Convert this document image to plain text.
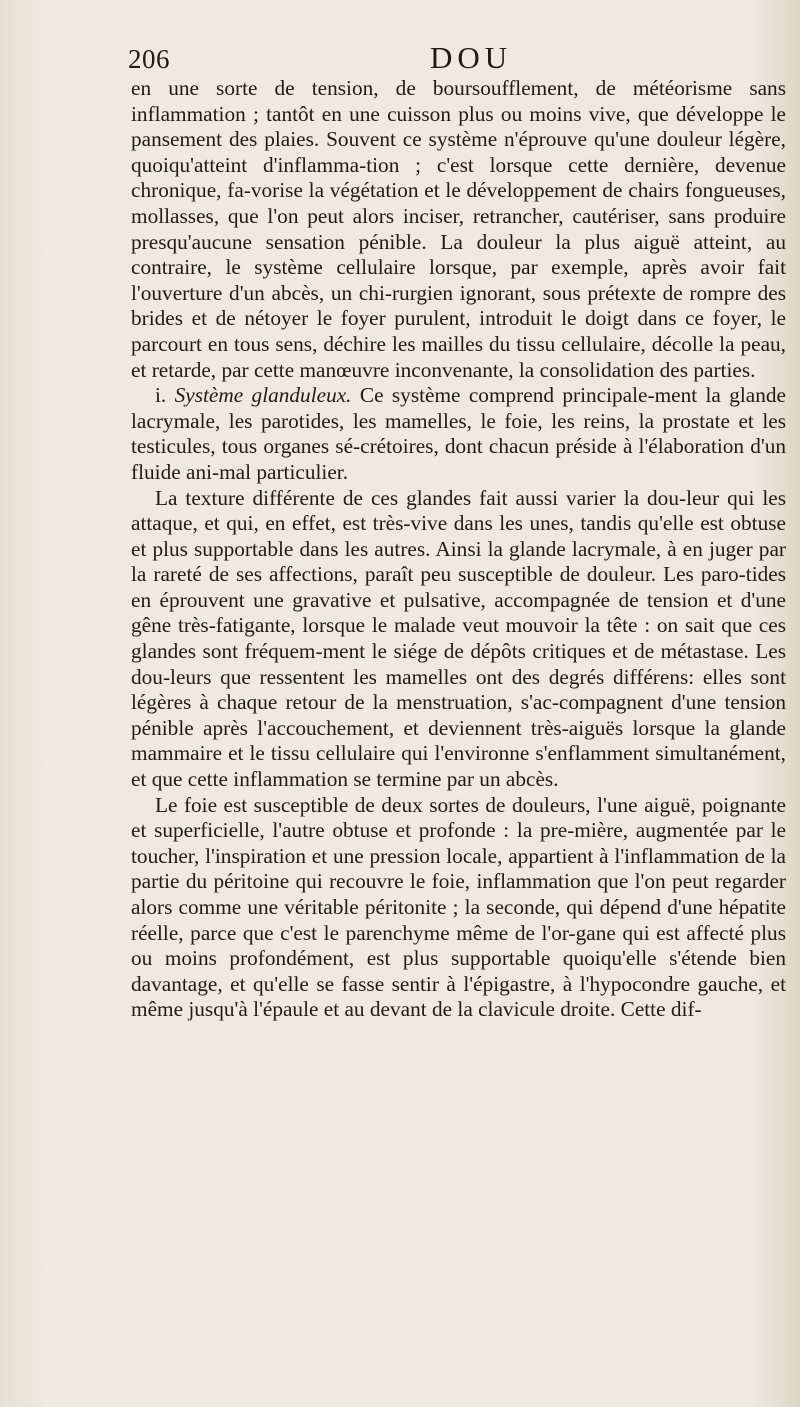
206	DOU

en une sorte de tension, de boursoufflement, de météorisme sans inflammation ; tantôt en une cuisson plus ou moins vive, que développe le pansement des plaies. Souvent ce système n'éprouve qu'une douleur légère, quoiqu'atteint d'inflamma-tion ; c'est lorsque cette dernière, devenue chronique, fa-vorise la végétation et le développement de chairs fongueuses, mollasses, que l'on peut alors inciser, retrancher, cautériser, sans produire presqu'aucune sensation pénible. La douleur la plus aiguë atteint, au contraire, le système cellulaire lorsque, par exemple, après avoir fait l'ouverture d'un abcès, un chi-rurgien ignorant, sous prétexte de rompre des brides et de nétoyer le foyer purulent, introduit le doigt dans ce foyer, le parcourt en tous sens, déchire les mailles du tissu cellulaire, décolle la peau, et retarde, par cette manœuvre inconvenante, la consolidation des parties.

i. Système glanduleux. Ce système comprend principale-ment la glande lacrymale, les parotides, les mamelles, le foie, les reins, la prostate et les testicules, tous organes sé-crétoires, dont chacun préside à l'élaboration d'un fluide ani-mal particulier.

La texture différente de ces glandes fait aussi varier la dou-leur qui les attaque, et qui, en effet, est très-vive dans les unes, tandis qu'elle est obtuse et plus supportable dans les autres. Ainsi la glande lacrymale, à en juger par la rareté de ses affections, paraît peu susceptible de douleur. Les paro-tides en éprouvent une gravative et pulsative, accompagnée de tension et d'une gêne très-fatigante, lorsque le malade veut mouvoir la tête : on sait que ces glandes sont fréquem-ment le siége de dépôts critiques et de métastase. Les dou-leurs que ressentent les mamelles ont des degrés différens: elles sont légères à chaque retour de la menstruation, s'ac-compagnent d'une tension pénible après l'accouchement, et deviennent très-aiguës lorsque la glande mammaire et le tissu cellulaire qui l'environne s'enflamment simultanément, et que cette inflammation se termine par un abcès.

Le foie est susceptible de deux sortes de douleurs, l'une aiguë, poignante et superficielle, l'autre obtuse et profonde : la pre-mière, augmentée par le toucher, l'inspiration et une pression locale, appartient à l'inflammation de la partie du péritoine qui recouvre le foie, inflammation que l'on peut regarder alors comme une véritable péritonite ; la seconde, qui dépend d'une hépatite réelle, parce que c'est le parenchyme même de l'or-gane qui est affecté plus ou moins profondément, est plus supportable quoiqu'elle s'étende bien davantage, et qu'elle se fasse sentir à l'épigastre, à l'hypocondre gauche, et même jusqu'à l'épaule et au devant de la clavicule droite. Cette dif-
